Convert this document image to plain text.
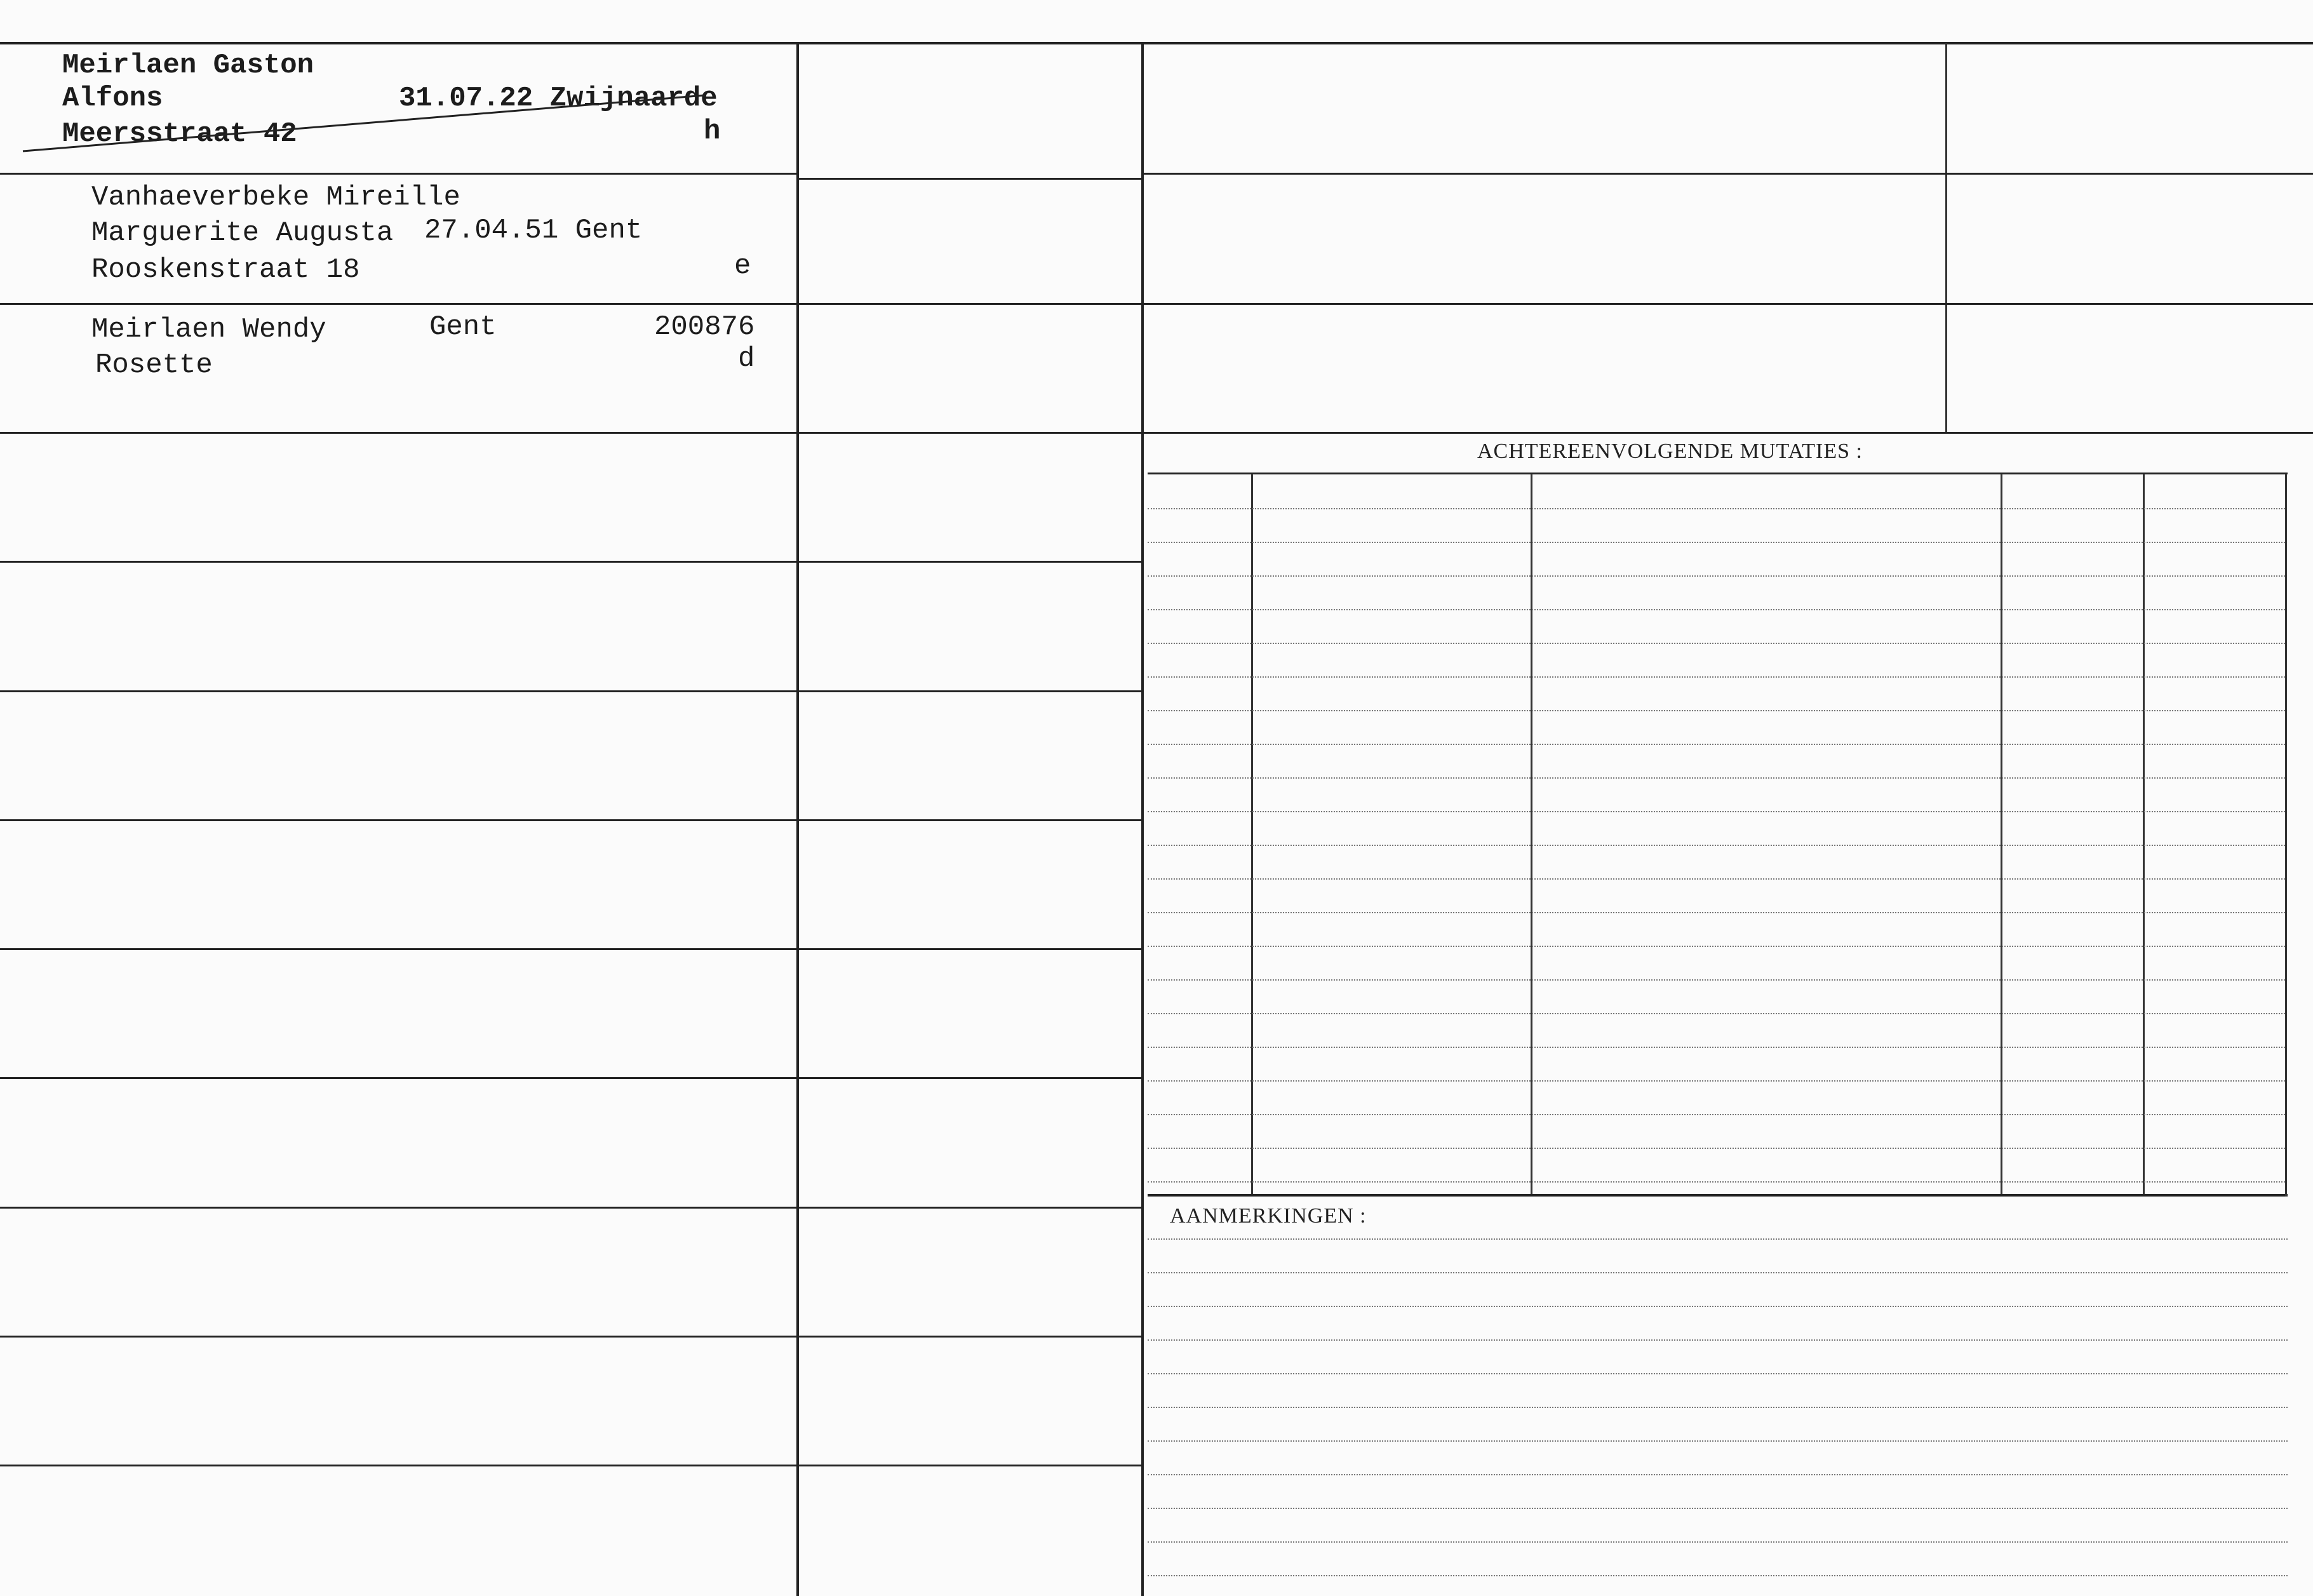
ACHTEREENVOLGENDE MUTATIES :
AANMERKINGEN :
Meirlaen Gaston
Alfons	31.07.22 Zwijnaarde
Meersstraat 42	h
Vanhaeverbeke Mireille
Marguerite Augusta 27.04.51 Gent
Rooskenstraat 18	e
Meirlaen Wendy	Gent	200876
Rosette	d
